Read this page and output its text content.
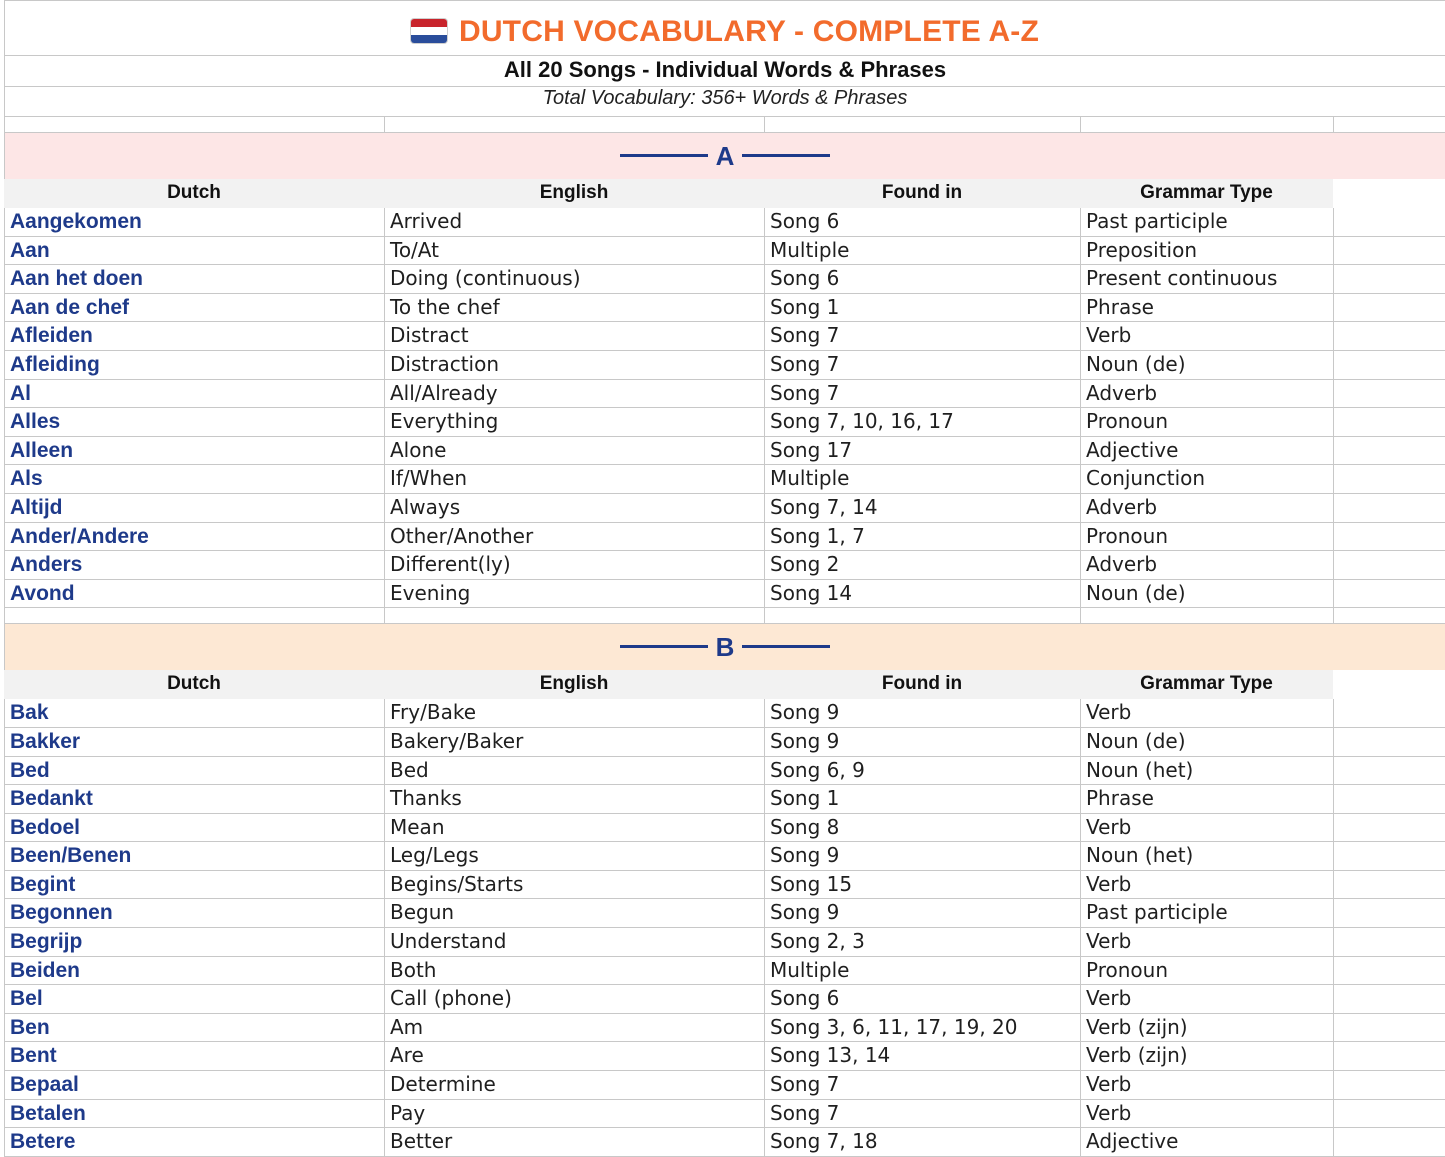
DUTCH VOCABULARY - COMPLETE A-Z
All 20 Songs - Individual Words & Phrases
Total Vocabulary: 356+ Words & Phrases
A
Dutch	English	Found in	Grammar Type
Aangekomen	Arrived	Song 6	Past participle
Aan	To/At	Multiple	Preposition
Aan het doen	Doing (continuous)	Song 6	Present continuous
Aan de chef	To the chef	Song 1	Phrase
Afleiden	Distract	Song 7	Verb
Afleiding	Distraction	Song 7	Noun (de)
Al	All/Already	Song 7	Adverb
Alles	Everything	Song 7, 10, 16, 17	Pronoun
Alleen	Alone	Song 17	Adjective
Als	If/When	Multiple	Conjunction
Altijd	Always	Song 7, 14	Adverb
Ander/Andere	Other/Another	Song 1, 7	Pronoun
Anders	Different(ly)	Song 2	Adverb
Avond	Evening	Song 14	Noun (de)
B
Dutch	English	Found in	Grammar Type
Bak	Fry/Bake	Song 9	Verb
Bakker	Bakery/Baker	Song 9	Noun (de)
Bed	Bed	Song 6, 9	Noun (het)
Bedankt	Thanks	Song 1	Phrase
Bedoel	Mean	Song 8	Verb
Been/Benen	Leg/Legs	Song 9	Noun (het)
Begint	Begins/Starts	Song 15	Verb
Begonnen	Begun	Song 9	Past participle
Begrijp	Understand	Song 2, 3	Verb
Beiden	Both	Multiple	Pronoun
Bel	Call (phone)	Song 6	Verb
Ben	Am	Song 3, 6, 11, 17, 19, 20	Verb (zijn)
Bent	Are	Song 13, 14	Verb (zijn)
Bepaal	Determine	Song 7	Verb
Betalen	Pay	Song 7	Verb
Betere	Better	Song 7, 18	Adjective
